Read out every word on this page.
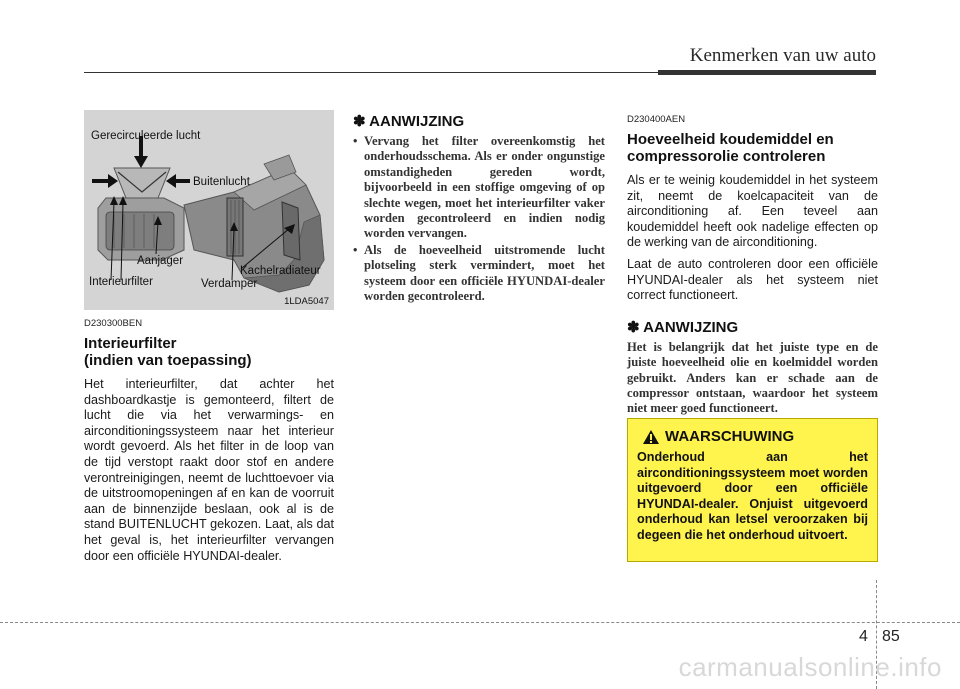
Kenmerken van uw auto
Gerecirculeerde lucht
Buitenlucht
Aanjager
Kachelradiateur
Interieurfilter	Verdamper
1LDA5047
D230300BEN
Interieurfilter
(indien van toepassing)

Het interieurfilter, dat achter het dashboardkastje is gemonteerd, filtert de lucht die via het verwarmings- en airconditioningssysteem naar het interieur wordt gevoerd. Als het filter in de loop van de tijd verstopt raakt door stof en andere verontreinigingen, neemt de luchttoevoer via de uitstroomopeningen af en kan de voorruit aan de binnenzijde beslaan, ook al is de stand BUITENLUCHT gekozen. Laat, als dat het geval is, het interieurfilter vervangen door een officiële HYUNDAI-dealer.

✽ AANWIJZING
• Vervang het filter overeenkomstig het onderhoudsschema. Als er onder ongunstige omstandigheden gereden wordt, bijvoorbeeld in een stoffige omgeving of op slechte wegen, moet het interieurfilter vaker worden gecontroleerd en indien nodig worden vervangen.
• Als de hoeveelheid uitstromende lucht plotseling sterk vermindert, moet het systeem door een officiële HYUNDAI-dealer worden gecontroleerd.
D230400AEN
Hoeveelheid koudemiddel en
compressorolie controleren

Als er te weinig koudemiddel in het systeem zit, neemt de koelcapaciteit van de airconditioning af. Een teveel aan koudemiddel heeft ook nadelige effecten op de werking van de airconditioning.

Laat de auto controleren door een officiële HYUNDAI-dealer als het systeem niet correct functioneert.

✽ AANWIJZING
Het is belangrijk dat het juiste type en de juiste hoeveelheid olie en koelmiddel worden gebruikt. Anders kan er schade aan de compressor ontstaan, waardoor het systeem niet meer goed functioneert.
WAARSCHUWING
Onderhoud aan het airconditioningssysteem moet worden uitgevoerd door een officiële HYUNDAI-dealer. Onjuist uitgevoerd onderhoud kan letsel veroorzaken bij degeen die het onderhoud uitvoert.
4 85
carmanualsonline.info
